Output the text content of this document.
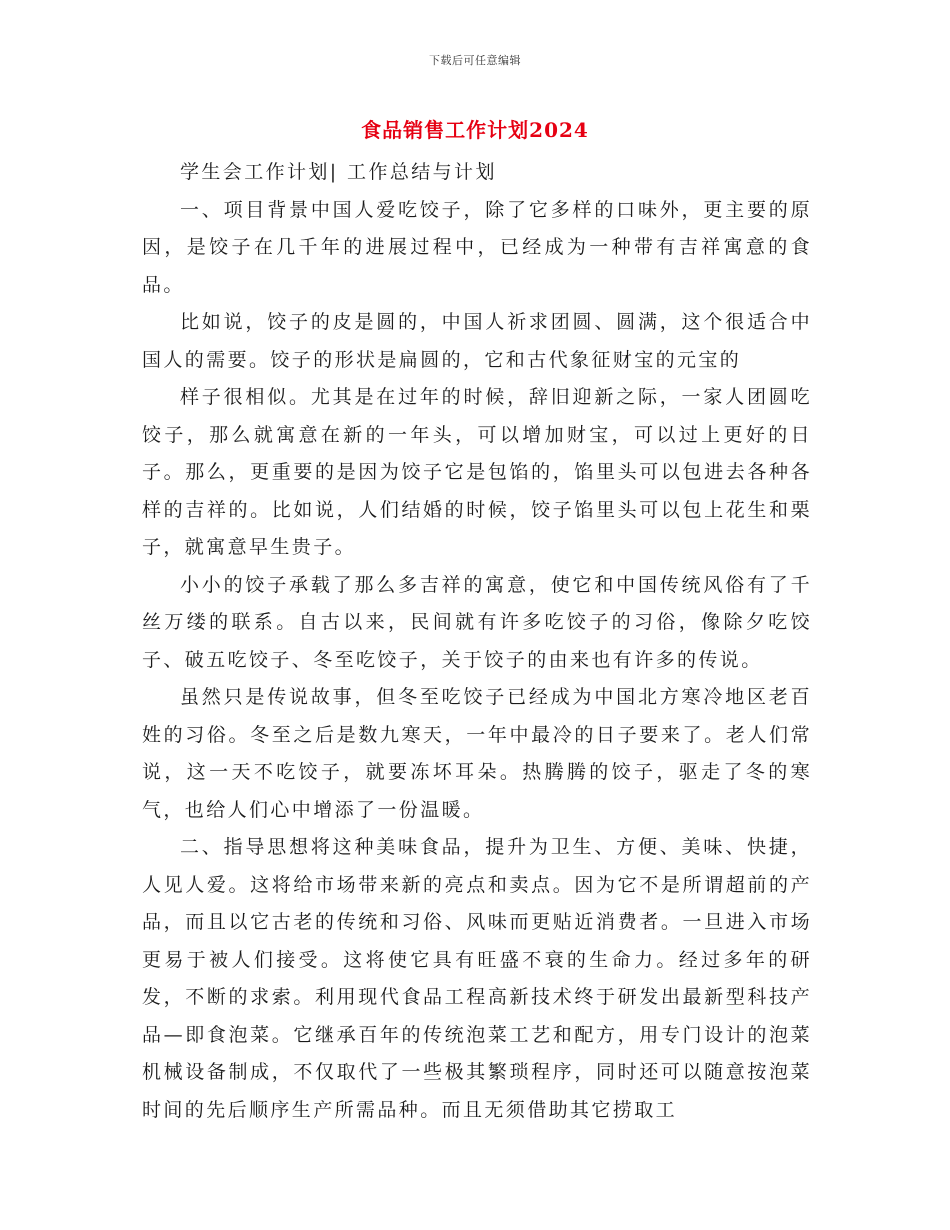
下载后可任意编辑
食品销售工作计划2024

学生会工作计划| 工作总结与计划

一、项目背景中国人爱吃饺子，除了它多样的口味外，更主要的原因，是饺子在几千年的进展过程中，已经成为一种带有吉祥寓意的食品。

比如说，饺子的皮是圆的，中国人祈求团圆、圆满，这个很适合中国人的需要。饺子的形状是扁圆的，它和古代象征财宝的元宝的

样子很相似。尤其是在过年的时候，辞旧迎新之际，一家人团圆吃饺子，那么就寓意在新的一年头，可以增加财宝，可以过上更好的日子。那么，更重要的是因为饺子它是包馅的，馅里头可以包进去各种各样的吉祥的。比如说，人们结婚的时候，饺子馅里头可以包上花生和栗子，就寓意早生贵子。

小小的饺子承载了那么多吉祥的寓意，使它和中国传统风俗有了千丝万缕的联系。自古以来，民间就有许多吃饺子的习俗，像除夕吃饺子、破五吃饺子、冬至吃饺子，关于饺子的由来也有许多的传说。

虽然只是传说故事，但冬至吃饺子已经成为中国北方寒冷地区老百姓的习俗。冬至之后是数九寒天，一年中最冷的日子要来了。老人们常说，这一天不吃饺子，就要冻坏耳朵。热腾腾的饺子，驱走了冬的寒气，也给人们心中增添了一份温暖。

二、指导思想将这种美味食品，提升为卫生、方便、美味、快捷，人见人爱。这将给市场带来新的亮点和卖点。因为它不是所谓超前的产品，而且以它古老的传统和习俗、风味而更贴近消费者。一旦进入市场更易于被人们接受。这将使它具有旺盛不衰的生命力。经过多年的研发，不断的求索。利用现代食品工程高新技术终于研发出最新型科技产品—即食泡菜。它继承百年的传统泡菜工艺和配方，用专门设计的泡菜机械设备制成，不仅取代了一些极其繁琐程序，同时还可以随意按泡菜时间的先后顺序生产所需品种。而且无须借助其它捞取工
